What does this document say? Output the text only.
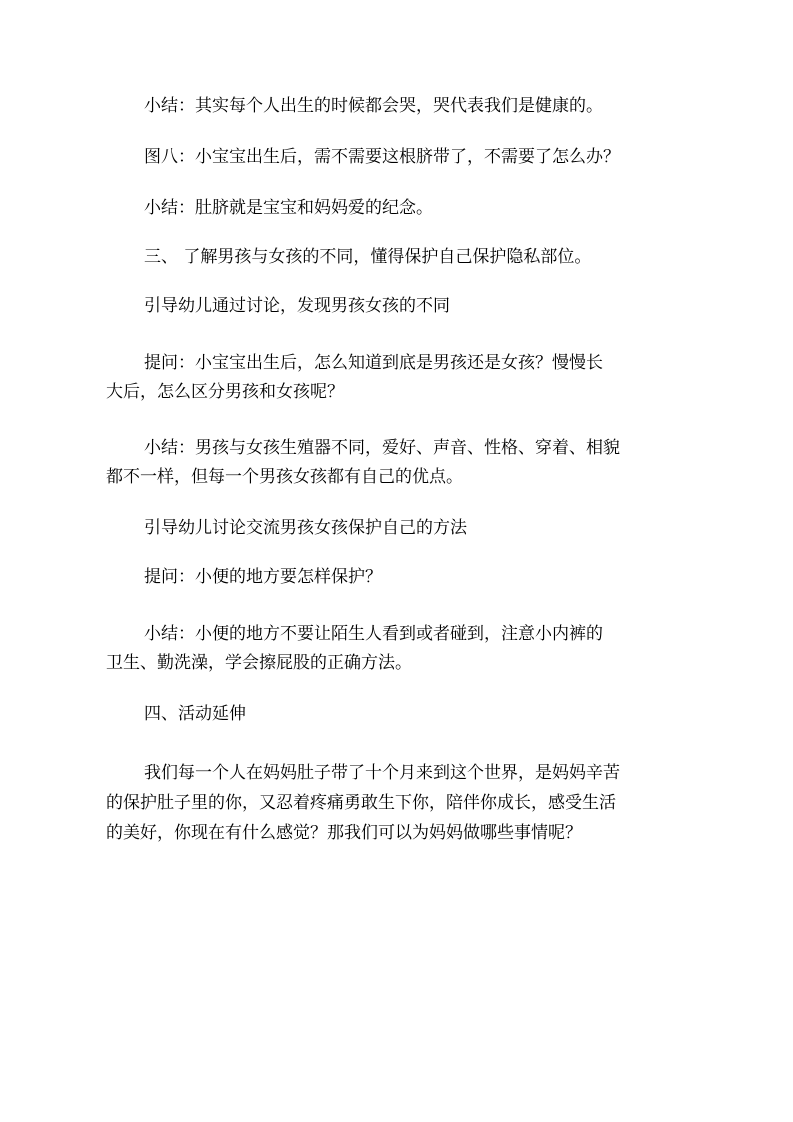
小结：其实每个人出生的时候都会哭，哭代表我们是健康的。
图八：小宝宝出生后，需不需要这根脐带了，不需要了怎么办？
小结：肚脐就是宝宝和妈妈爱的纪念。
三、 了解男孩与女孩的不同，懂得保护自己保护隐私部位。
引导幼儿通过讨论，发现男孩女孩的不同
提问：小宝宝出生后，怎么知道到底是男孩还是女孩？慢慢长
大后，怎么区分男孩和女孩呢？
小结：男孩与女孩生殖器不同，爱好、声音、性格、穿着、相貌
都不一样，但每一个男孩女孩都有自己的优点。
引导幼儿讨论交流男孩女孩保护自己的方法
提问：小便的地方要怎样保护？
小结：小便的地方不要让陌生人看到或者碰到，注意小内裤的
卫生、勤洗澡，学会擦屁股的正确方法。
四、活动延伸
我们每一个人在妈妈肚子带了十个月来到这个世界，是妈妈辛苦
的保护肚子里的你，又忍着疼痛勇敢生下你，陪伴你成长，感受生活
的美好，你现在有什么感觉？那我们可以为妈妈做哪些事情呢？
